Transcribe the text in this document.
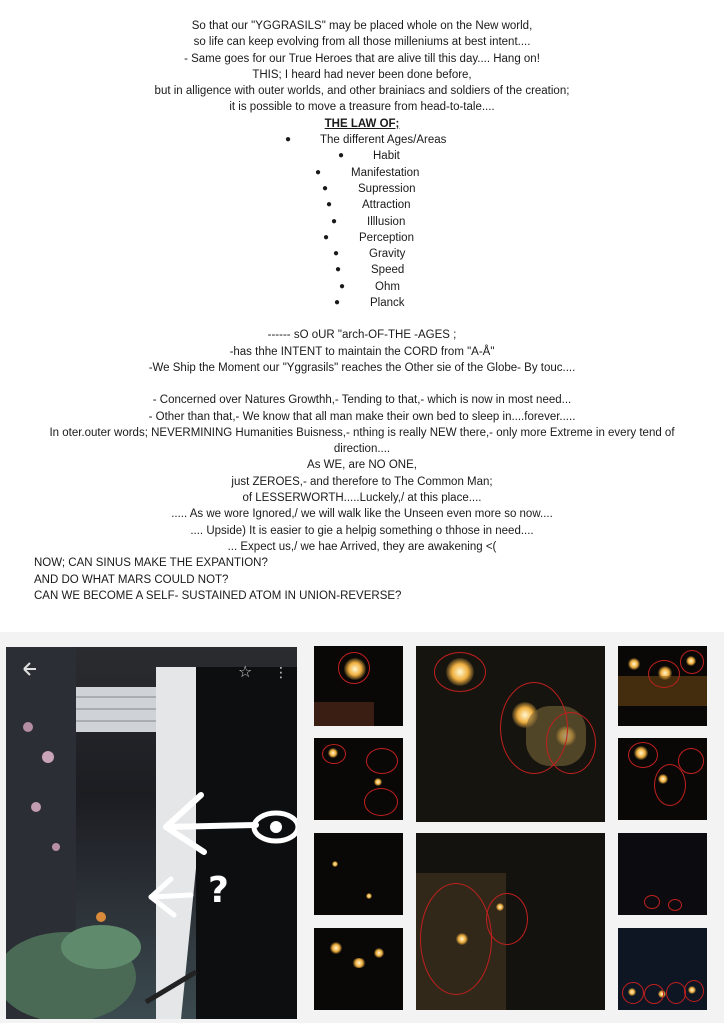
So that our "YGGRASILS" may be placed whole on the New world,
so life can keep evolving from all those milleniums at best intent....
- Same goes for our True Heroes that are alive till this day.... Hang on!
THIS; I heard had never been done before,
but in alligence with outer worlds, and other brainiacs and soldiers of the creation;
it is possible to move a treasure from head-to-tale....
THE LAW OF;
●	The different Ages/Areas
●	Habit
●	Manifestation
●	Supression
●	Attraction
●	Illlusion
●	Perception
●	Gravity
●	Speed
●	Ohm
●	Planck
------ sO oUR "arch-OF-THE -AGES ;
-has thhe INTENT to maintain the CORD from "A-Å"
-We Ship the Moment our "Yggrasils" reaches the Other sie of the Globe- By touc....
- Concerned over Natures Growthh,- Tending to that,- which is now in most need...
- Other than that,- We know that all man make their own bed to sleep in....forever.....
In oter.outer words; NEVERMINING Humanities Buisness,- nthing is really NEW there,- only more Extreme in every tend of direction....
As WE, are NO ONE,
just ZEROES,- and therefore to The Common Man;
of LESSERWORTH.....Luckely,/ at this place....
..... As we wore Ignored,/ we will walk like the Unseen even more so now....
.... Upside) It is easier to gie a helpig something o thhose in need....
... Expect us,/ we hae Arrived, they are awakening <(
NOW; CAN SINUS MAKE THE EXPANTION?
AND DO WHAT MARS COULD NOT?
CAN WE BECOME A SELF- SUSTAINED ATOM IN UNION-REVERSE?
☆ ⋮
?
